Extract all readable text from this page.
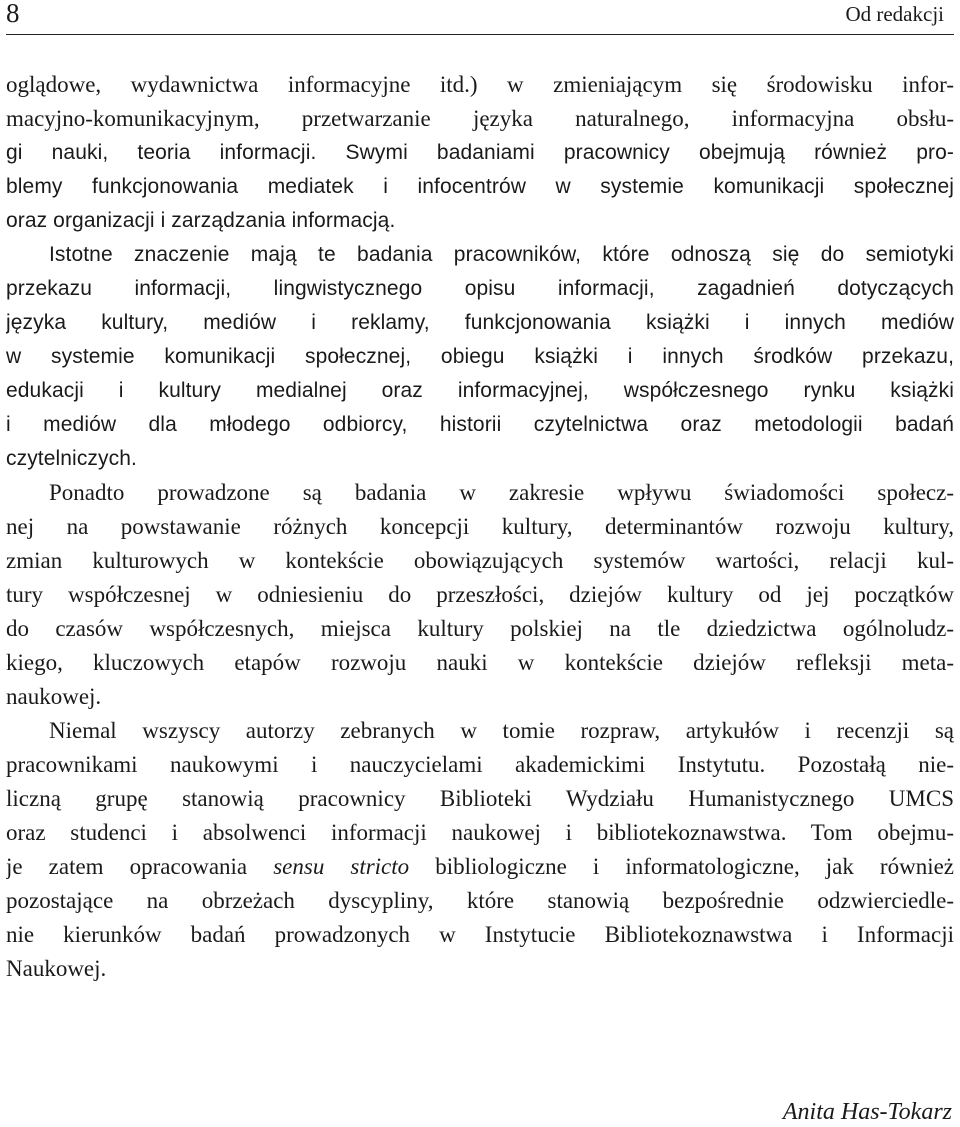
8	Od redakcji
oglądowe, wydawnictwa informacyjne itd.) w zmieniającym się środowisku infor-
macyjno-komunikacyjnym, przetwarzanie języka naturalnego, informacyjna obsłu-
gi nauki, teoria informacji. Swymi badaniami pracownicy obejmują również pro-
blemy funkcjonowania mediatek i infocentrów w systemie komunikacji społecznej
oraz organizacji i zarządzania informacją.
Istotne znaczenie mają te badania pracowników, które odnoszą się do semiotyki
przekazu informacji, lingwistycznego opisu informacji, zagadnień dotyczących
języka kultury, mediów i reklamy, funkcjonowania książki i innych mediów
w systemie komunikacji społecznej, obiegu książki i innych środków przekazu,
edukacji i kultury medialnej oraz informacyjnej, współczesnego rynku książki
i mediów dla młodego odbiorcy, historii czytelnictwa oraz metodologii badań
czytelniczych.
Ponadto prowadzone są badania w zakresie wpływu świadomości społecz-
nej na powstawanie różnych koncepcji kultury, determinantów rozwoju kultury,
zmian kulturowych w kontekście obowiązujących systemów wartości, relacji kul-
tury współczesnej w odniesieniu do przeszłości, dziejów kultury od jej początków
do czasów współczesnych, miejsca kultury polskiej na tle dziedzictwa ogólnoludz-
kiego, kluczowych etapów rozwoju nauki w kontekście dziejów refleksji meta-
naukowej.
Niemal wszyscy autorzy zebranych w tomie rozpraw, artykułów i recenzji są
pracownikami naukowymi i nauczycielami akademickimi Instytutu. Pozostałą nie-
liczną grupę stanowią pracownicy Biblioteki Wydziału Humanistycznego UMCS
oraz studenci i absolwenci informacji naukowej i bibliotekoznawstwa. Tom obejmu-
je zatem opracowania sensu stricto bibliologiczne i informatologiczne, jak również
pozostające na obrzeżach dyscypliny, które stanowią bezpośrednie odzwierciedle-
nie kierunków badań prowadzonych w Instytucie Bibliotekoznawstwa i Informacji
Naukowej.
Anita Has-Tokarz
